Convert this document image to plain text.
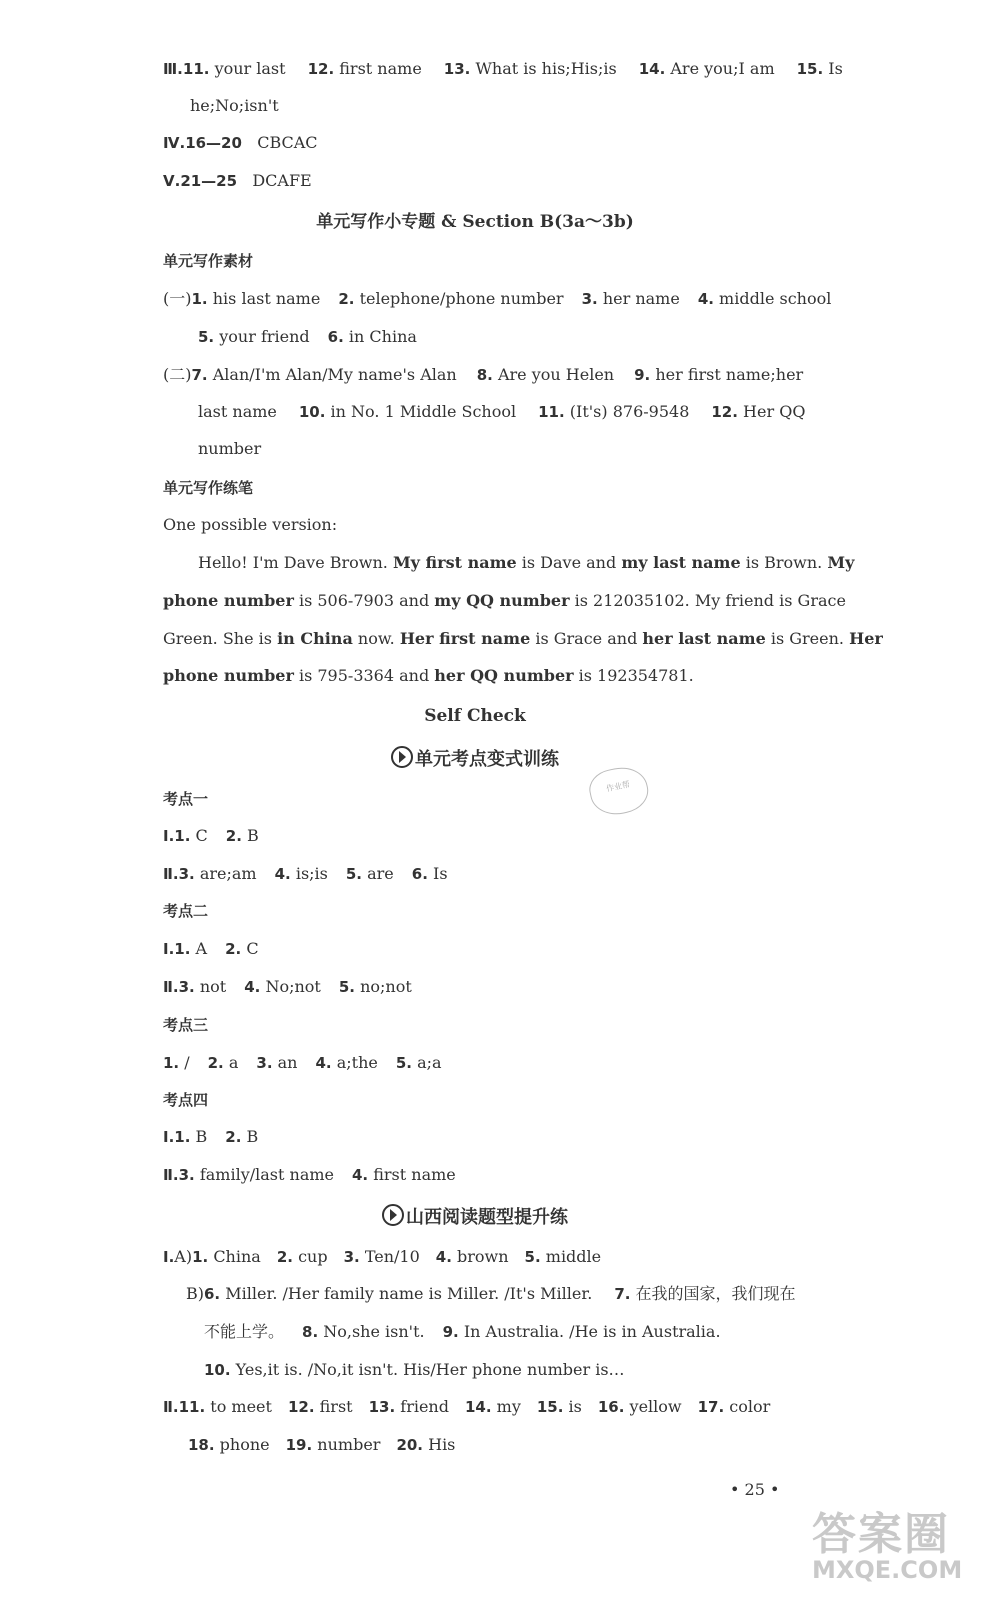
Ⅲ.11. your last 12. first name 13. What is his;His;is 14. Are you;I am 15. Is
he;No;isn't
Ⅳ.16—20 CBCAC
Ⅴ.21—25 DCAFE
单元写作小专题 & Section B(3a～3b)
单元写作素材
(一)1. his last name 2. telephone/phone number 3. her name 4. middle school
5. your friend 6. in China
(二)7. Alan/I'm Alan/My name's Alan 8. Are you Helen 9. her first name;her
last name 10. in No. 1 Middle School 11. (It's) 876-9548 12. Her QQ
number
单元写作练笔
One possible version:
Hello! I'm Dave Brown. My first name is Dave and my last name is Brown. My
phone number is 506-7903 and my QQ number is 212035102. My friend is Grace
Green. She is in China now. Her first name is Grace and her last name is Green. Her
phone number is 795-3364 and her QQ number is 192354781.
Self Check
单元考点变式训练
作业帮
考点一
Ⅰ.1. C 2. B
Ⅱ.3. are;am 4. is;is 5. are 6. Is
考点二
Ⅰ.1. A 2. C
Ⅱ.3. not 4. No;not 5. no;not
考点三
1. / 2. a 3. an 4. a;the 5. a;a
考点四
Ⅰ.1. B 2. B
Ⅱ.3. family/last name 4. first name
山西阅读题型提升练
Ⅰ.A)1. China 2. cup 3. Ten/10 4. brown 5. middle
B)6. Miller. /Her family name is Miller. /It's Miller. 7. 在我的国家，我们现在
不能上学。 8. No,she isn't. 9. In Australia. /He is in Australia.
10. Yes,it is. /No,it isn't. His/Her phone number is…
Ⅱ.11. to meet 12. first 13. friend 14. my 15. is 16. yellow 17. color
18. phone 19. number 20. His
• 25 •
答案圈
MXQE.COM
